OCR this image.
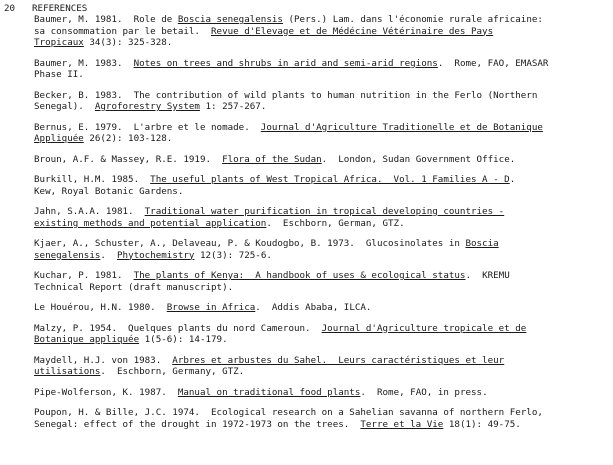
20 REFERENCES
Baumer, M. 1981.  Role de Boscia senegalensis (Pers.) Lam. dans l'économie rurale africaine:
sa consommation par le betail.  Revue d'Elevage et de Médécine Vétérinaire des Pays
Tropicaux 34(3): 325-328.
Baumer, M. 1983.  Notes on trees and shrubs in arid and semi-arid regions.  Rome, FAO, EMASAR
Phase II.
Becker, B. 1983.  The contribution of wild plants to human nutrition in the Ferlo (Northern
Senegal).  Agroforestry System 1: 257-267.
Bernus, E. 1979.  L'arbre et le nomade.  Journal d'Agriculture Traditionelle et de Botanique
Appliquée 26(2): 103-128.
Broun, A.F. & Massey, R.E. 1919.  Flora of the Sudan.  London, Sudan Government Office.
Burkill, H.M. 1985.  The useful plants of West Tropical Africa.  Vol. 1 Families A - D.
Kew, Royal Botanic Gardens.
Jahn, S.A.A. 1981.  Traditional water purification in tropical developing countries -
existing methods and potential application.  Eschborn, German, GTZ.
Kjaer, A., Schuster, A., Delaveau, P. & Koudogbo, B. 1973.  Glucosinolates in Boscia
senegalensis.  Phytochemistry 12(3): 725-6.
Kuchar, P. 1981.  The plants of Kenya:  A handbook of uses & ecological status.  KREMU
Technical Report (draft manuscript).
Le Houérou, H.N. 1980.  Browse in Africa.  Addis Ababa, ILCA.
Malzy, P. 1954.  Quelques plants du nord Cameroun.  Journal d'Agriculture tropicale et de
Botanique appliquée 1(5-6): 14-179.
Maydell, H.J. von 1983.  Arbres et arbustes du Sahel.  Leurs caractéristiques et leur
utilisations.  Eschborn, Germany, GTZ.
Pipe-Wolferson, K. 1987.  Manual on traditional food plants.  Rome, FAO, in press.
Poupon, H. & Bille, J.C. 1974.  Ecological research on a Sahelian savanna of northern Ferlo,
Senegal: effect of the drought in 1972-1973 on the trees.  Terre et la Vie 18(1): 49-75.
